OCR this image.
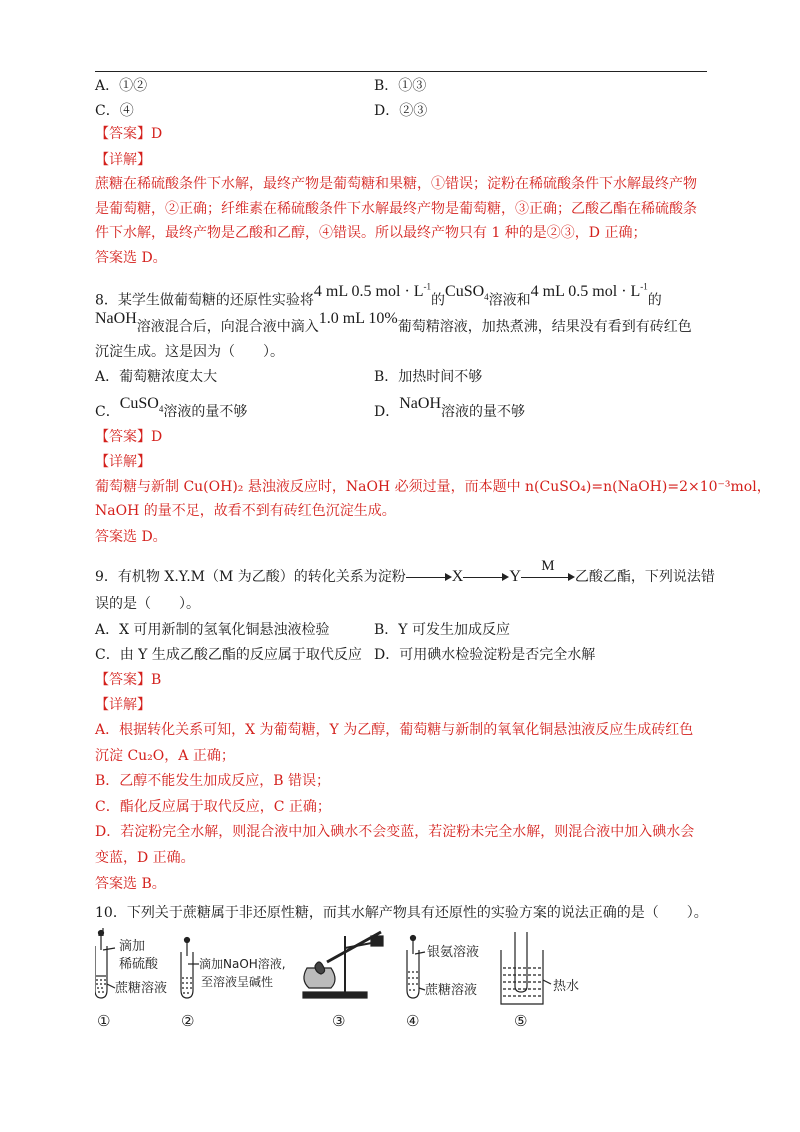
A．①②	B．①③
C．④	D．②③
【答案】D
【详解】
蔗糖在稀硫酸条件下水解，最终产物是葡萄糖和果糖，①错误；淀粉在稀硫酸条件下水解最终产物
是葡萄糖，②正确；纤维素在稀硫酸条件下水解最终产物是葡萄糖，③正确；乙酸乙酯在稀硫酸条
件下水解，最终产物是乙酸和乙醇，④错误。所以最终产物只有 1 种的是②③，D 正确；
答案选 D。
8．某学生做葡萄糖的还原性实验将4 mL 0.5 mol · $L^{-1}$的CuSO$_4$溶液和4 mL 0.5 mol · $L^{-1}$的
NaOH溶液混合后，向混合液中滴入1.0 mL 10%葡萄精溶液，加热煮沸，结果没有看到有砖红色
沉淀生成。这是因为（　　）。
A．葡萄糖浓度太大	B．加热时间不够
C．CuSO$_4$溶液的量不够	D．NaOH溶液的量不够
【答案】D
【详解】
葡萄糖与新制 Cu(OH)₂ 悬浊液反应时，NaOH 必须过量，而本题中 n(CuSO₄)=n(NaOH)=2×10⁻³mol，
NaOH 的量不足，故看不到有砖红色沉淀生成。
答案选 D。
9．有机物 X.Y.M（M 为乙酸）的转化关系为淀粉	X	Y
M
乙酸乙酯，下列说法错
误的是（　　）。
A．X 可用新制的氢氧化铜悬浊液检验	B．Y 可发生加成反应
C．由 Y 生成乙酸乙酯的反应属于取代反应 D．可用碘水检验淀粉是否完全水解
【答案】B
【详解】
A．根据转化关系可知，X 为葡萄糖，Y 为乙醇，葡萄糖与新制的氧氧化铜悬浊液反应生成砖红色
沉淀 Cu₂O，A 正确；
B．乙醇不能发生加成反应，B 错误；
C．酯化反应属于取代反应，C 正确；
D．若淀粉完全水解，则混合液中加入碘水不会变蓝，若淀粉未完全水解，则混合液中加入碘水会
变蓝，D 正确。
答案选 B。
10．下列关于蔗糖属于非还原性糖，而其水解产物具有还原性的实验方案的说法正确的是（　　）。
滴加
稀硫酸
蔗糖溶液
①
滴加NaOH溶液,
至溶液呈碱性
②	③
银氨溶液
蔗糖溶液
④
热水
⑤
